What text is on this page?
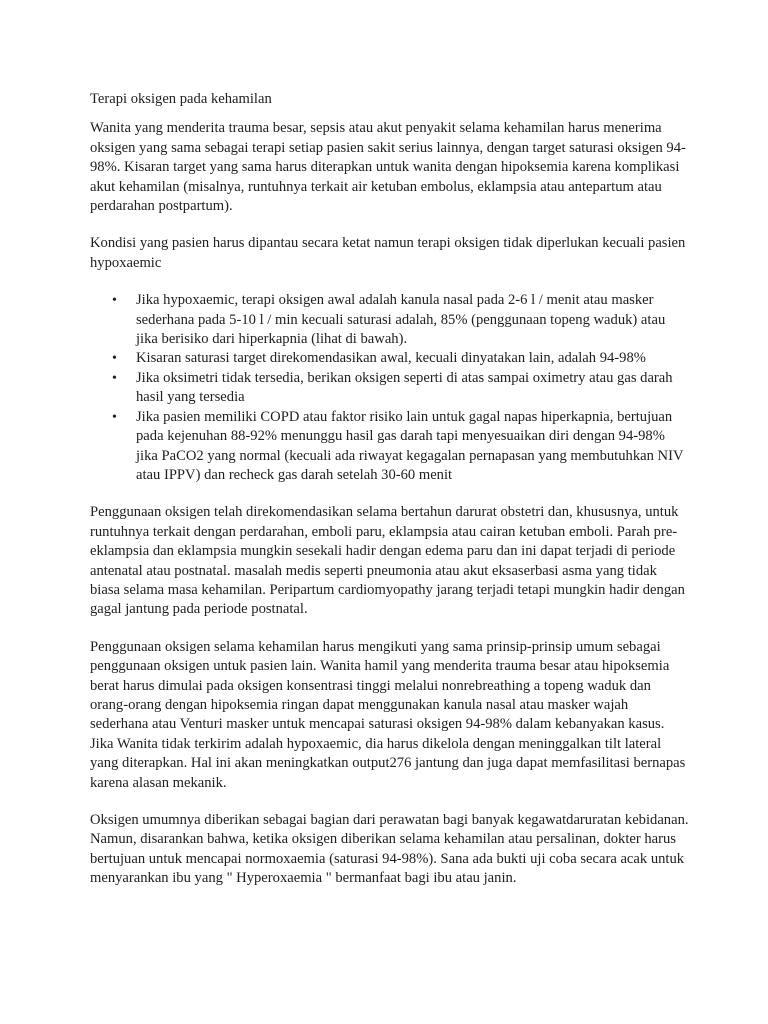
Terapi oksigen pada kehamilan

Wanita yang menderita trauma besar, sepsis atau akut penyakit selama kehamilan harus menerima oksigen yang sama sebagai terapi setiap pasien sakit serius lainnya, dengan target saturasi oksigen 94-98%. Kisaran target yang sama harus diterapkan untuk wanita dengan hipoksemia karena komplikasi akut kehamilan (misalnya, runtuhnya terkait air ketuban embolus, eklampsia atau antepartum atau perdarahan postpartum).

Kondisi yang pasien harus dipantau secara ketat namun terapi oksigen tidak diperlukan kecuali pasien hypoxaemic

• Jika hypoxaemic, terapi oksigen awal adalah kanula nasal pada 2-6 l / menit atau masker sederhana pada 5-10 l / min kecuali saturasi adalah, 85% (penggunaan topeng waduk) atau jika berisiko dari hiperkapnia (lihat di bawah).
• Kisaran saturasi target direkomendasikan awal, kecuali dinyatakan lain, adalah 94-98%
• Jika oksimetri tidak tersedia, berikan oksigen seperti di atas sampai oximetry atau gas darah hasil yang tersedia
• Jika pasien memiliki COPD atau faktor risiko lain untuk gagal napas hiperkapnia, bertujuan pada kejenuhan 88-92% menunggu hasil gas darah tapi menyesuaikan diri dengan 94-98% jika PaCO2 yang normal (kecuali ada riwayat kegagalan pernapasan yang membutuhkan NIV atau IPPV) dan recheck gas darah setelah 30-60 menit

Penggunaan oksigen telah direkomendasikan selama bertahun darurat obstetri dan, khususnya, untuk runtuhnya terkait dengan perdarahan, emboli paru, eklampsia atau cairan ketuban emboli. Parah pre-eklampsia dan eklampsia mungkin sesekali hadir dengan edema paru dan ini dapat terjadi di periode antenatal atau postnatal. masalah medis seperti pneumonia atau akut eksaserbasi asma yang tidak biasa selama masa kehamilan. Peripartum cardiomyopathy jarang terjadi tetapi mungkin hadir dengan gagal jantung pada periode postnatal.

Penggunaan oksigen selama kehamilan harus mengikuti yang sama prinsip-prinsip umum sebagai penggunaan oksigen untuk pasien lain. Wanita hamil yang menderita trauma besar atau hipoksemia berat harus dimulai pada oksigen konsentrasi tinggi melalui nonrebreathing a topeng waduk dan orang-orang dengan hipoksemia ringan dapat menggunakan kanula nasal atau masker wajah sederhana atau Venturi masker untuk mencapai saturasi oksigen 94-98% dalam kebanyakan kasus. Jika Wanita tidak terkirim adalah hypoxaemic, dia harus dikelola dengan meninggalkan tilt lateral yang diterapkan. Hal ini akan meningkatkan output276 jantung dan juga dapat memfasilitasi bernapas karena alasan mekanik.

Oksigen umumnya diberikan sebagai bagian dari perawatan bagi banyak kegawatdaruratan kebidanan. Namun, disarankan bahwa, ketika oksigen diberikan selama kehamilan atau persalinan, dokter harus bertujuan untuk mencapai normoxaemia (saturasi 94-98%). Sana ada bukti uji coba secara acak untuk menyarankan ibu yang " Hyperoxaemia " bermanfaat bagi ibu atau janin.
